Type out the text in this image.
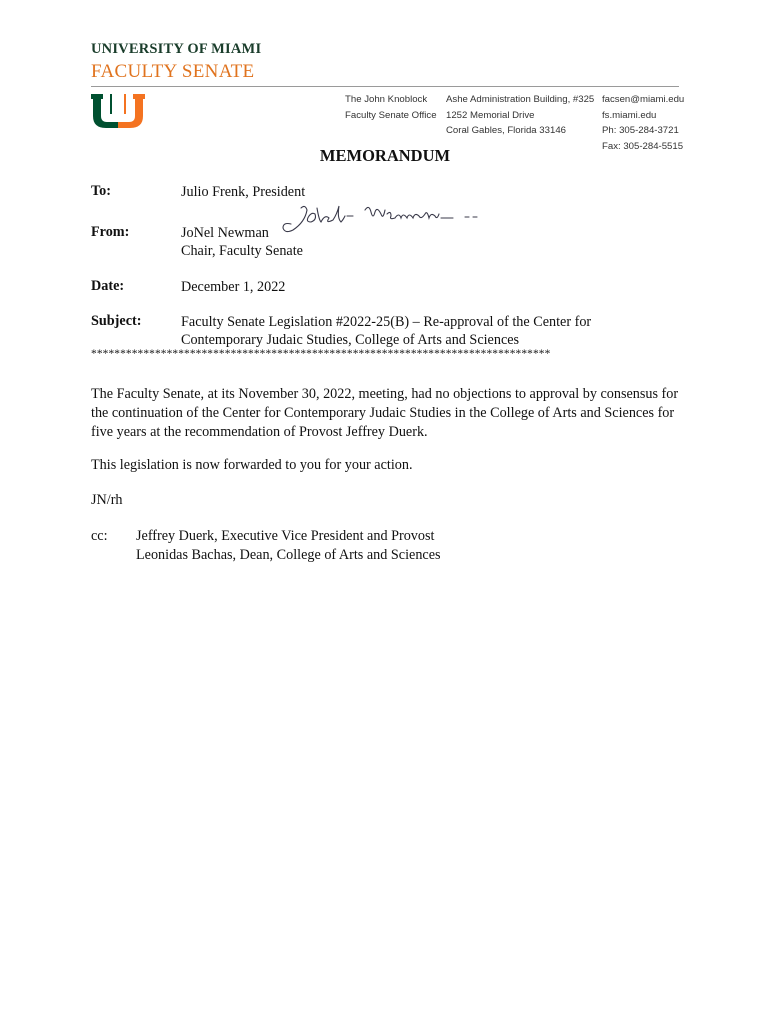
UNIVERSITY OF MIAMI
FACULTY SENATE
The John Knoblock
Faculty Senate Office
Ashe Administration Building, #325
1252 Memorial Drive
Coral Gables, Florida 33146
facsen@miami.edu
fs.miami.edu
Ph: 305-284-3721
Fax: 305-284-5515
MEMORANDUM
To:	Julio Frenk, President
From:	JoNel Newman
Chair, Faculty Senate
Date:	December 1, 2022
Subject:	Faculty Senate Legislation #2022-25(B) – Re-approval of the Center for
Contemporary Judaic Studies, College of Arts and Sciences
*******************************************************************************
The Faculty Senate, at its November 30, 2022, meeting, had no objections to approval by consensus for the continuation of the Center for Contemporary Judaic Studies in the College of Arts and Sciences for five years at the recommendation of Provost Jeffrey Duerk.
This legislation is now forwarded to you for your action.
JN/rh
cc: Jeffrey Duerk, Executive Vice President and Provost
Leonidas Bachas, Dean, College of Arts and Sciences
